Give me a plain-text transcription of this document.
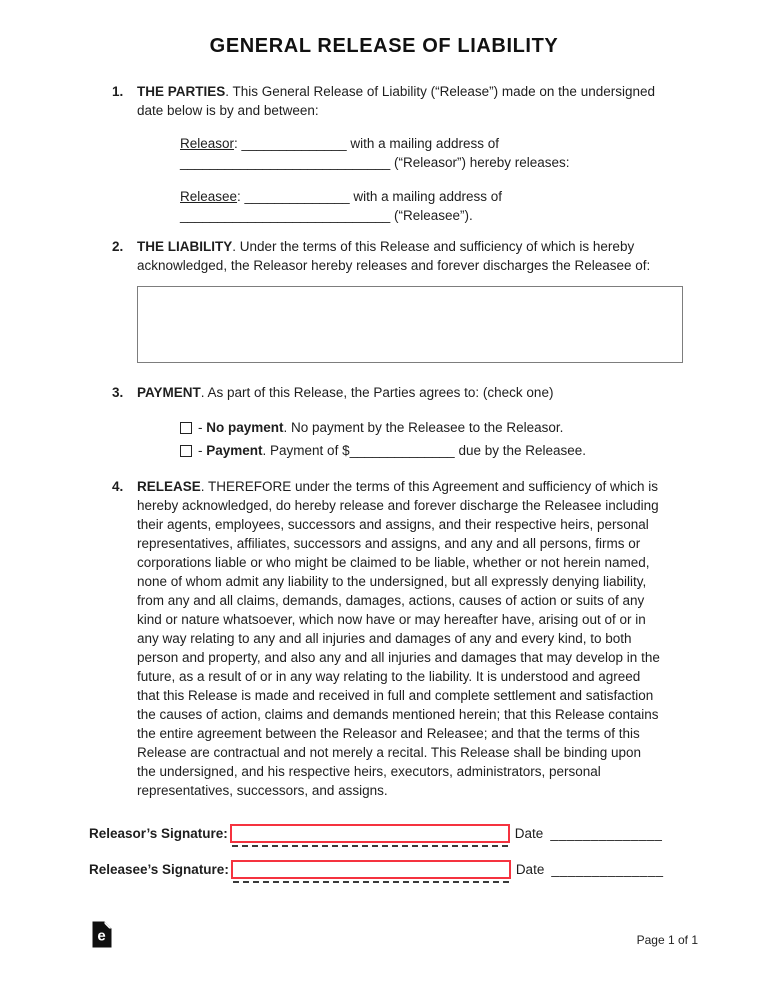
GENERAL RELEASE OF LIABILITY
1.	THE PARTIES. This General Release of Liability (“Release”) made on the undersigned date below is by and between:

Releasor: ______________ with a mailing address of
____________________________ (“Releasor”) hereby releases:

Releasee: ______________ with a mailing address of
____________________________ (“Releasee”).

2.	THE LIABILITY. Under the terms of this Release and sufficiency of which is hereby acknowledged, the Releasor hereby releases and forever discharges the Releasee of:
3.	PAYMENT. As part of this Release, the Parties agrees to: (check one)
- No payment. No payment by the Releasee to the Releasor.
- Payment. Payment of $______________ due by the Releasee.
4.	RELEASE. THEREFORE under the terms of this Agreement and sufficiency of which is hereby acknowledged, do hereby release and forever discharge the Releasee including their agents, employees, successors and assigns, and their respective heirs, personal representatives, affiliates, successors and assigns, and any and all persons, firms or corporations liable or who might be claimed to be liable, whether or not herein named, none of whom admit any liability to the undersigned, but all expressly denying liability, from any and all claims, demands, damages, actions, causes of action or suits of any kind or nature whatsoever, which now have or may hereafter have, arising out of or in any way relating to any and all injuries and damages of any and every kind, to both person and property, and also any and all injuries and damages that may develop in the future, as a result of or in any way relating to the liability. It is understood and agreed that this Release is made and received in full and complete settlement and satisfaction the causes of action, claims and demands mentioned herein; that this Release contains the entire agreement between the Releasor and Releasee; and that the terms of this Release are contractual and not merely a recital. This Release shall be binding upon the undersigned, and his respective heirs, executors, administrators, personal representatives, successors, and assigns.
Releasor’s Signature:	Date ______________
Releasee’s Signature:	Date ______________
e	Page 1 of 1
